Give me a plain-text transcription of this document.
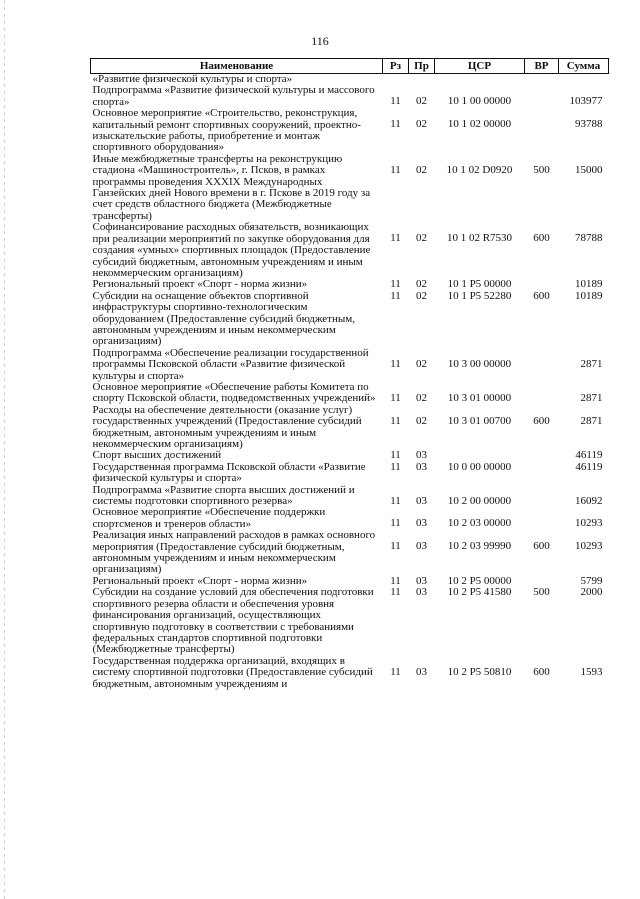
116
Наименование	Рз	Пр	ЦСР	ВР	Сумма
«Развитие физической культуры и спорта»					
Подпрограмма «Развитие физической культуры и массового спорта»	11	02	10 1 00 00000		103977
Основное мероприятие «Строительство, реконструкция, капитальный ремонт спортивных сооружений, проектно-изыскательские работы, приобретение и монтаж спортивного оборудования»	11	02	10 1 02 00000		93788
Иные межбюджетные трансферты на реконструкцию стадиона «Машиностроитель», г. Псков, в рамках программы проведения XXXIX Международных Ганзейских дней Нового времени в г. Пскове в 2019 году за счет средств областного бюджета (Межбюджетные трансферты)	11	02	10 1 02 D0920	500	15000
Софинансирование расходных обязательств, возникающих при реализации мероприятий по закупке оборудования для создания «умных» спортивных площадок (Предоставление субсидий бюджетным, автономным учреждениям и иным некоммерческим организациям)	11	02	10 1 02 R7530	600	78788
Региональный проект «Спорт - норма жизни»	11	02	10 1 P5 00000		10189
Субсидии на оснащение объектов спортивной инфраструктуры спортивно-технологическим оборудованием (Предоставление субсидий бюджетным, автономным учреждениям и иным некоммерческим организациям)	11	02	10 1 P5 52280	600	10189
Подпрограмма «Обеспечение реализации государственной программы Псковской области «Развитие физической культуры и спорта»	11	02	10 3 00 00000		2871
Основное мероприятие «Обеспечение работы Комитета по спорту Псковской области, подведомственных учреждений»	11	02	10 3 01 00000		2871
Расходы на обеспечение деятельности (оказание услуг) государственных учреждений (Предоставление субсидий бюджетным, автономным учреждениям и иным некоммерческим организациям)	11	02	10 3 01 00700	600	2871
Спорт высших достижений	11	03			46119
Государственная программа Псковской области «Развитие физической культуры и спорта»	11	03	10 0 00 00000		46119
Подпрограмма «Развитие спорта высших достижений и системы подготовки спортивного резерва»	11	03	10 2 00 00000		16092
Основное мероприятие «Обеспечение поддержки спортсменов и тренеров области»	11	03	10 2 03 00000		10293
Реализация иных направлений расходов в рамках основного мероприятия (Предоставление субсидий бюджетным, автономным учреждениям и иным некоммерческим организациям)	11	03	10 2 03 99990	600	10293
Региональный проект «Спорт - норма жизни»	11	03	10 2 P5 00000		5799
Субсидии на создание условий для обеспечения подготовки спортивного резерва области и обеспечения уровня финансирования организаций, осуществляющих спортивную подготовку в соответствии с требованиями федеральных стандартов спортивной подготовки (Межбюджетные трансферты)	11	03	10 2 P5 41580	500	2000
Государственная поддержка организаций, входящих в систему спортивной подготовки (Предоставление субсидий бюджетным, автономным учреждениям и	11	03	10 2 P5 50810	600	1593
